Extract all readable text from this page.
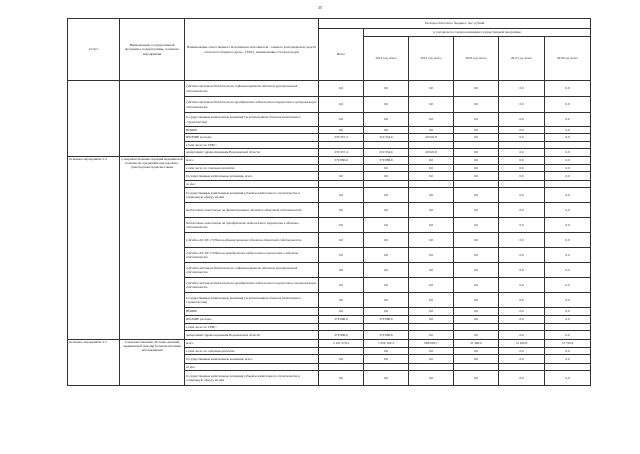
35
Статус	Наименование государственной программы, подпрограммы, основного мероприятия	Наименование ответственного исполнителя, исполнителя - главного распорядителя средств областного бюджета (далее - ГРБС), наименование статей расходов	Расходы областного бюджета, тыс. рублей					
			Всего	в том числе по годам реализации государственной программы				
				2014 год, всего	2015 год, всего	2016 год, всего	2017 год, всего	2018 год, всего
		субсидии местным бюджетам на софинансирование объектов муниципальной собственности	0,0	0,0	0,0	0,0	0,0	0,0
		субсидии местным бюджетам на приобретение недвижимого имущества в муниципальную собственность	0,0	0,0	0,0	0,0	0,0	0,0
		Государственные капитальные вложения (за исключением объектов капитального строительства)	0,0	0,0	0,0	0,0	0,0	0,0
		НИОКР	0,0	0,0	0,0	0,0	0,0	0,0
		ПРОЧИЕ расходы	239 357,4	219 334,6	20 022,8	0,0	0,0	0,0
		в том числе по ГРБС:						
		департамент здравоохранения Воронежской области	239 357,4	219 334,6	20 022,8	0,0	0,0	0,0
Основное мероприятие 2.4	Совершенствование оказания медицинской помощи пострадавшим при дорожно-транспортных происшествиях	всего	379 886,6	379 886,6	0,0	0,0	0,0	0,0
		в том числе по статьям расходов:		0,0	0,0	0,0	0,0	0,0
		Государственные капитальные вложения, всего	0,0	0,0	0,0	0,0	0,0	0,0
		из них:						
		Государственные капитальные вложения (объекты капитального строительства в социальную сферу), из них	0,0	0,0	0,0	0,0	0,0	0,0
		бюджетные инвестиции на финансирование объектов областной собственности	0,0	0,0	0,0	0,0	0,0	0,0
		бюджетные инвестиции на приобретение недвижимого имущества в объекты собственности	0,0	0,0	0,0	0,0	0,0	0,0
		субсидии АУ, БУ, ГУПам на финансирование объектов областной собственности	0,0	0,0	0,0	0,0	0,0	0,0
		субсидии АУ, БУ, ГУПам на приобретение недвижимого имущества в объекты собственности	0,0	0,0	0,0	0,0	0,0	0,0
		субсидии местным бюджетам на софинансирование объектов муниципальной собственности	0,0	0,0	0,0	0,0	0,0	0,0
		субсидии местным бюджетам на приобретение недвижимого имущества в муниципальную собственность	0,0	0,0	0,0	0,0	0,0	0,0
		Государственные капитальные вложения (за исключением объектов капитального строительства)	0,0	0,0	0,0	0,0	0,0	0,0
		НИОКР	0,0	0,0	0,0	0,0	0,0	0,0
		ПРОЧИЕ расходы	379 886,6	379 886,6	0,0	0,0	0,0	0,0
		в том числе по ГРБС:						
		департамент здравоохранения Воронежской области	379 886,6	379 886,6	0,0	0,0	0,0	0,0
Основное мероприятие 2.5	Совершенствование системы оказания медицинской помощи больным прочими заболеваниями	всего	2 161 276,3	1 050 102,3	008 003,7	31 490,0	31 650,0	31 750,0
		в том числе по статьям расходов:		0,0	0,0	0,0	0,0	0,0
		Государственные капитальные вложения, всего	0,0	0,0	0,0	0,0	0,0	0,0
		из них:						
		Государственные капитальные вложения (объекты капитального строительства в социальную сферу), из них	0,0	0,0	0,0	0,0	0,0	0,0
